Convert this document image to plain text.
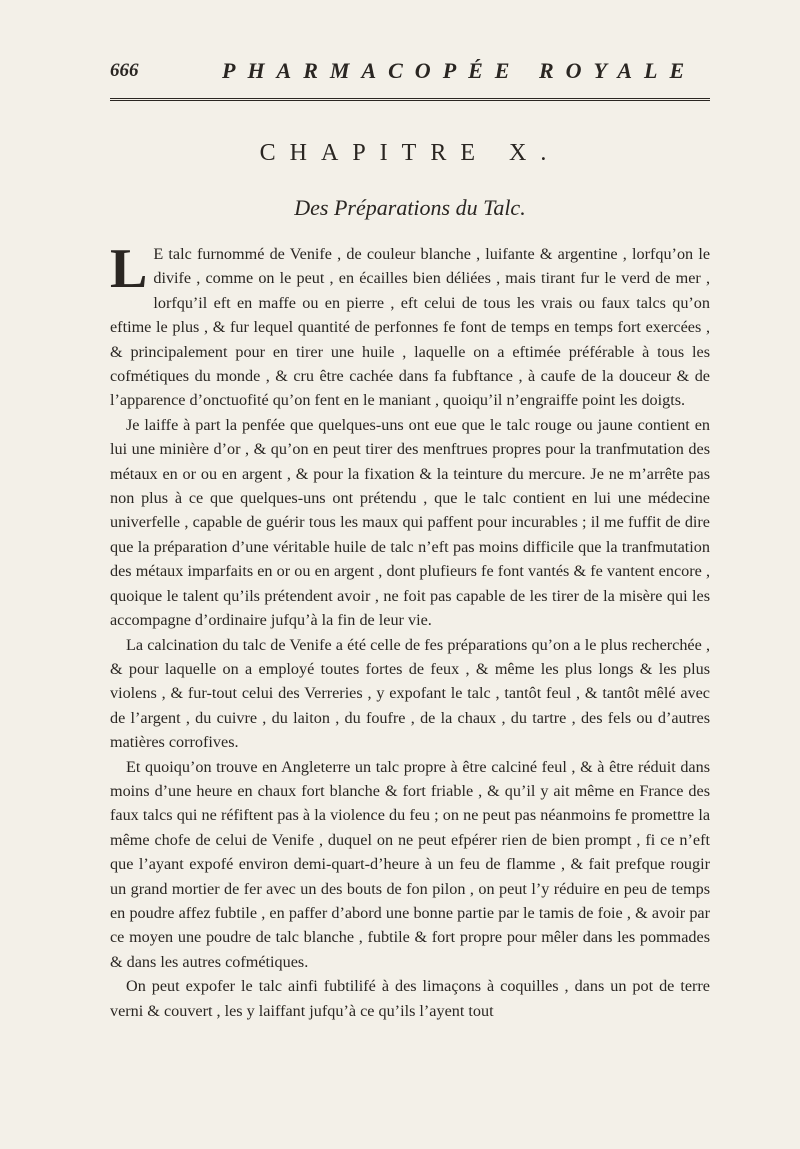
666	PHARMACOPÉE ROYALE
CHAPITRE X.
Des Préparations du Talc.

L E talc furnommé de Venife , de couleur blanche , luifante & argentine , lorfqu’on le divife , comme on le peut , en écailles bien déliées , mais tirant fur le verd de mer , lorfqu’il eft en maffe ou en pierre , eft celui de tous les vrais ou faux talcs qu’on eftime le plus , & fur lequel quantité de perfonnes fe font de temps en temps fort exercées , & principalement pour en tirer une huile , laquelle on a eftimée préférable à tous les cofmétiques du monde , & cru être cachée dans fa fubftance , à caufe de la douceur & de l’apparence d’onctuofité qu’on fent en le maniant , quoiqu’il n’engraiffe point les doigts.

Je laiffe à part la penfée que quelques-uns ont eue que le talc rouge ou jaune contient en lui une minière d’or , & qu’on en peut tirer des menftrues propres pour la tranfmutation des métaux en or ou en argent , & pour la fixation & la teinture du mercure. Je ne m’arrête pas non plus à ce que quelques-uns ont prétendu , que le talc contient en lui une médecine univerfelle , capable de guérir tous les maux qui paffent pour incurables ; il me fuffit de dire que la préparation d’une véritable huile de talc n’eft pas moins difficile que la tranfmutation des métaux imparfaits en or ou en argent , dont plufieurs fe font vantés & fe vantent encore , quoique le talent qu’ils prétendent avoir , ne foit pas capable de les tirer de la misère qui les accompagne d’ordinaire jufqu’à la fin de leur vie.

La calcination du talc de Venife a été celle de fes préparations qu’on a le plus recherchée , & pour laquelle on a employé toutes fortes de feux , & même les plus longs & les plus violens , & fur-tout celui des Verreries , y expofant le talc , tantôt feul , & tantôt mêlé avec de l’argent , du cuivre , du laiton , du foufre , de la chaux , du tartre , des fels ou d’autres matières corrofives.

Et quoiqu’on trouve en Angleterre un talc propre à être calciné feul , & à être réduit dans moins d’une heure en chaux fort blanche & fort friable , & qu’il y ait même en France des faux talcs qui ne réfiftent pas à la violence du feu ; on ne peut pas néanmoins fe promettre la même chofe de celui de Venife , duquel on ne peut efpérer rien de bien prompt , fi ce n’eft que l’ayant expofé environ demi-quart-d’heure à un feu de flamme , & fait prefque rougir un grand mortier de fer avec un des bouts de fon pilon , on peut l’y réduire en peu de temps en poudre affez fubtile , en paffer d’abord une bonne partie par le tamis de foie , & avoir par ce moyen une poudre de talc blanche , fubtile & fort propre pour mêler dans les pommades & dans les autres cofmétiques.

On peut expofer le talc ainfi fubtilifé à des limaçons à coquilles , dans un pot de terre verni & couvert , les y laiffant jufqu’à ce qu’ils l’ayent tout
